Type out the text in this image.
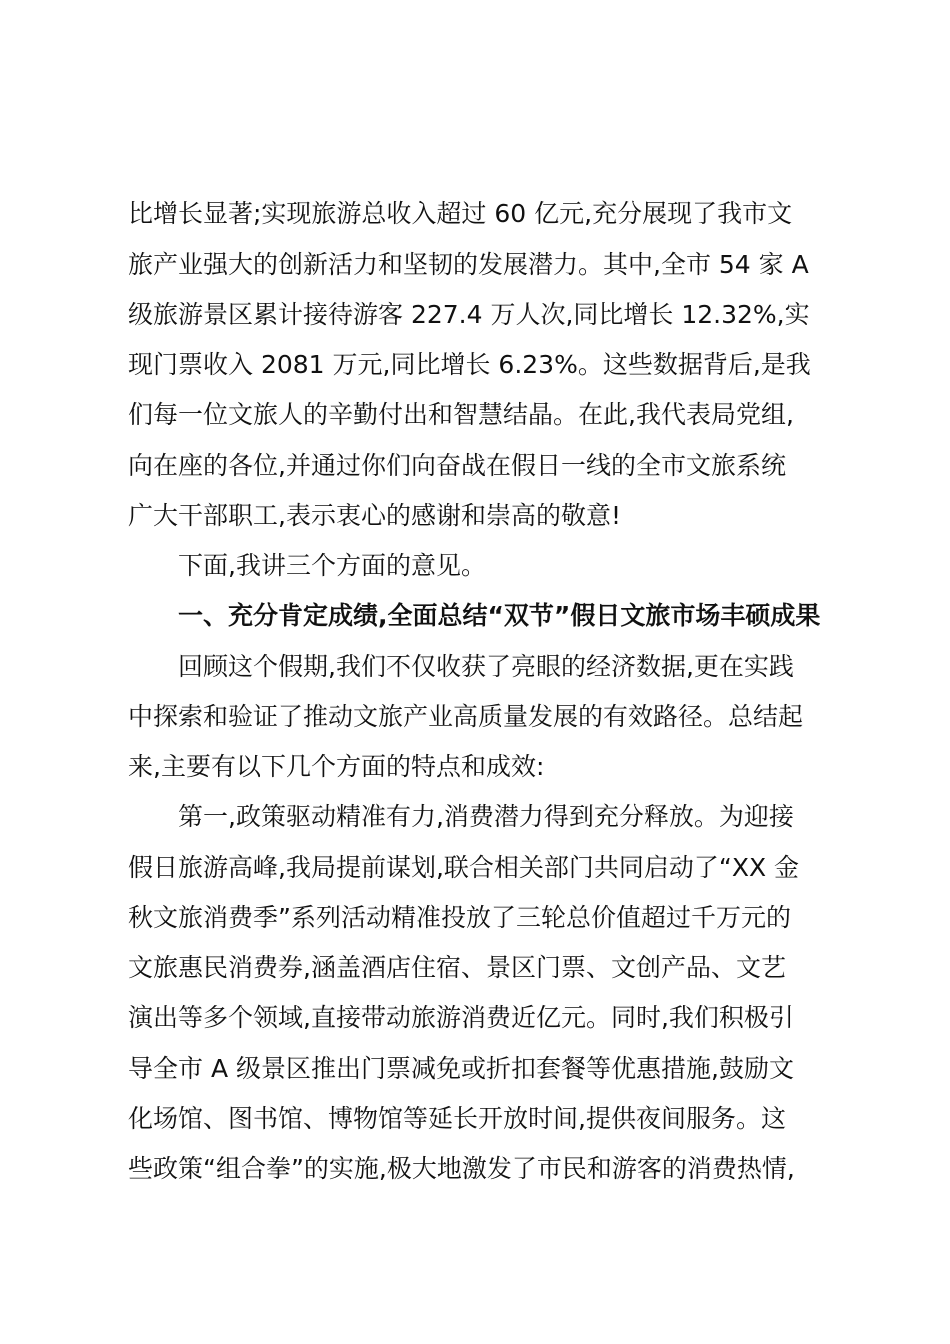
比增长显著;实现旅游总收入超过 60 亿元,充分展现了我市文
旅产业强大的创新活力和坚韧的发展潜力。其中,全市 54 家 A
级旅游景区累计接待游客 227.4 万人次,同比增长 12.32%,实
现门票收入 2081 万元,同比增长 6.23%。这些数据背后,是我
们每一位文旅人的辛勤付出和智慧结晶。在此,我代表局党组,
向在座的各位,并通过你们向奋战在假日一线的全市文旅系统
广大干部职工,表示衷心的感谢和崇高的敬意!
　　下面,我讲三个方面的意见。
　　一、充分肯定成绩,全面总结“双节”假日文旅市场丰硕成果
　　回顾这个假期,我们不仅收获了亮眼的经济数据,更在实践
中探索和验证了推动文旅产业高质量发展的有效路径。总结起
来,主要有以下几个方面的特点和成效:
　　第一,政策驱动精准有力,消费潜力得到充分释放。为迎接
假日旅游高峰,我局提前谋划,联合相关部门共同启动了“XX 金
秋文旅消费季”系列活动精准投放了三轮总价值超过千万元的
文旅惠民消费券,涵盖酒店住宿、景区门票、文创产品、文艺
演出等多个领域,直接带动旅游消费近亿元。同时,我们积极引
导全市 A 级景区推出门票减免或折扣套餐等优惠措施,鼓励文
化场馆、图书馆、博物馆等延长开放时间,提供夜间服务。这
些政策“组合拳”的实施,极大地激发了市民和游客的消费热情,
